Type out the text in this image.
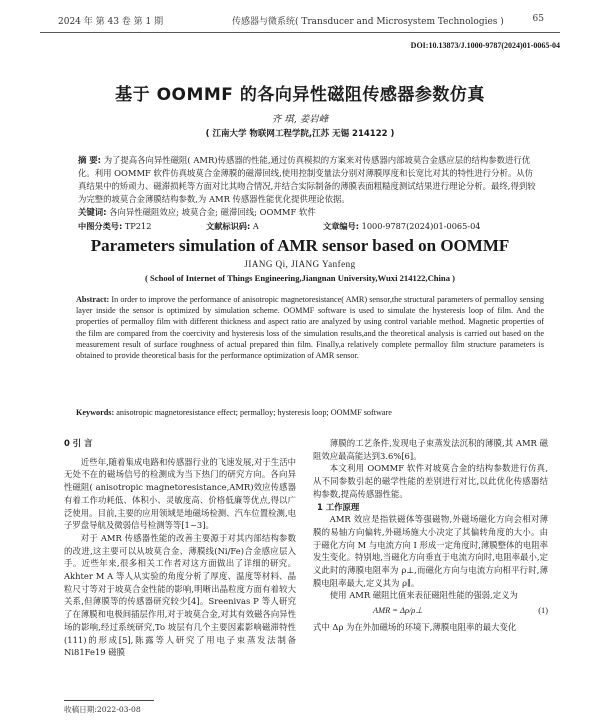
2024 年 第 43 卷 第 1 期	传感器与微系统( Transducer and Microsystem Technologies )	65
DOI:10.13873/J.1000-9787(2024)01-0065-04
基于 OOMMF 的各向异性磁阻传感器参数仿真
齐 琪, 姜岩峰
( 江南大学 物联网工程学院,江苏 无锡 214122 )
摘 要: 为了提高各向异性磁阻( AMR)传感器的性能,通过仿真模拟的方案来对传感器内部坡莫合金感应层的结构参数进行优化。利用 OOMMF 软件仿真坡莫合金薄膜的磁滞回线,使用控制变量法分别对薄膜厚度和长宽比对其的特性进行分析。从仿真结果中的矫顽力、磁滞损耗等方面对比其吻合情况,并结合实际制备的薄膜表面粗糙度测试结果进行理论分析。最终,得到较为完整的坡莫合金薄膜结构参数,为 AMR 传感器性能优化提供理论依据。
关键词: 各向异性磁阻效应; 坡莫合金; 磁滞回线; OOMMF 软件
中图分类号: TP212	文献标识码: A	文章编号: 1000-9787(2024)01-0065-04
Parameters simulation of AMR sensor based on OOMMF
JIANG Qi, JIANG Yanfeng
( School of Internet of Things Engineering,Jiangnan University,Wuxi 214122,China )
Abstract: In order to improve the performance of anisotropic magnetoresistance( AMR) sensor,the structural parameters of permalloy sensing layer inside the sensor is optimized by simulation scheme. OOMMF software is used to simulate the hysteresis loop of film. And the properties of permalloy film with different thickness and aspect ratio are analyzed by using control variable method. Magnetic properties of the film are compared from the coercivity and hysteresis loss of the simulation results,and the theoretical analysis is carried out based on the measurement result of surface roughness of actual prepared thin film. Finally,a relatively complete permalloy film structure parameters is obtained to provide theoretical basis for the performance optimization of AMR sensor.
Keywords: anisotropic magnetoresistance effect; permalloy; hysteresis loop; OOMMF software
0 引 言

近些年,随着集成电路和传感器行业的飞速发展,对于生活中无处不在的磁场信号的检测成为当下热门的研究方向。各向异性磁阻( anisotropic magnetoresistance,AMR)效应传感器有着工作功耗低、体积小、灵敏度高、价格低廉等优点,得以广泛使用。目前,主要的应用领域是地磁场检测、汽车位置检测,电子罗盘导航及微弱信号检测等等[1~3]。

对于 AMR 传感器性能的改善主要源于对其内部结构参数的改进,这主要可以从坡莫合金、薄膜线(Ni/Fe)合金感应层入手。近些年来,很多相关工作者对这方面做出了详细的研究。Akhter M A 等人从实验的角度分析了厚度、温度等材料、晶粒尺寸等对于坡莫合金性能的影响,明晰出晶粒度方面有着较大关系,但薄膜等的传感器研究较少[4]。Sreenivas P 等人研究了在薄膜和电极间插层作用,对于坡莫合金,对其有效磁各向异性场的影响,经过系统研究,To 坡层有几个主要因素影响磁滞特性(111)的形成[5],陈露等人研究了用电子束蒸发法制备 Ni81Fe19 磁膜

薄膜的工艺条件,发现电子束蒸发法沉积的薄膜,其 AMR 磁阻效应最高能达到3.6%[6]。

本文利用 OOMMF 软件对坡莫合金的结构参数进行仿真,从不同参数引起的磁学性能的差别进行对比,以此优化传感器结构参数,提高传感器性能。

1 工作原理

AMR 效应是指铁磁体等强磁物,外磁场磁化方向会相对薄膜的易轴方向偏转,外磁场施大小决定了其偏转角度的大小。由于磁化方向 M 与电流方向 I 形成一定角度时,薄膜整体的电阻率发生变化。特别地,当磁化方向垂直于电流方向时,电阻率最小,定义此时的薄膜电阻率为 ρ⊥,而磁化方向与电流方向相平行时,薄膜电阻率最大,定义其为 ρ∥。

使用 AMR 磁阻比值来表征磁阻性能的强弱,定义为

AMR = Δρ/ρ⊥	(1)

式中 Δρ 为在外加磁场的环境下,薄膜电阻率的最大变化

收稿日期:2022-03-08
